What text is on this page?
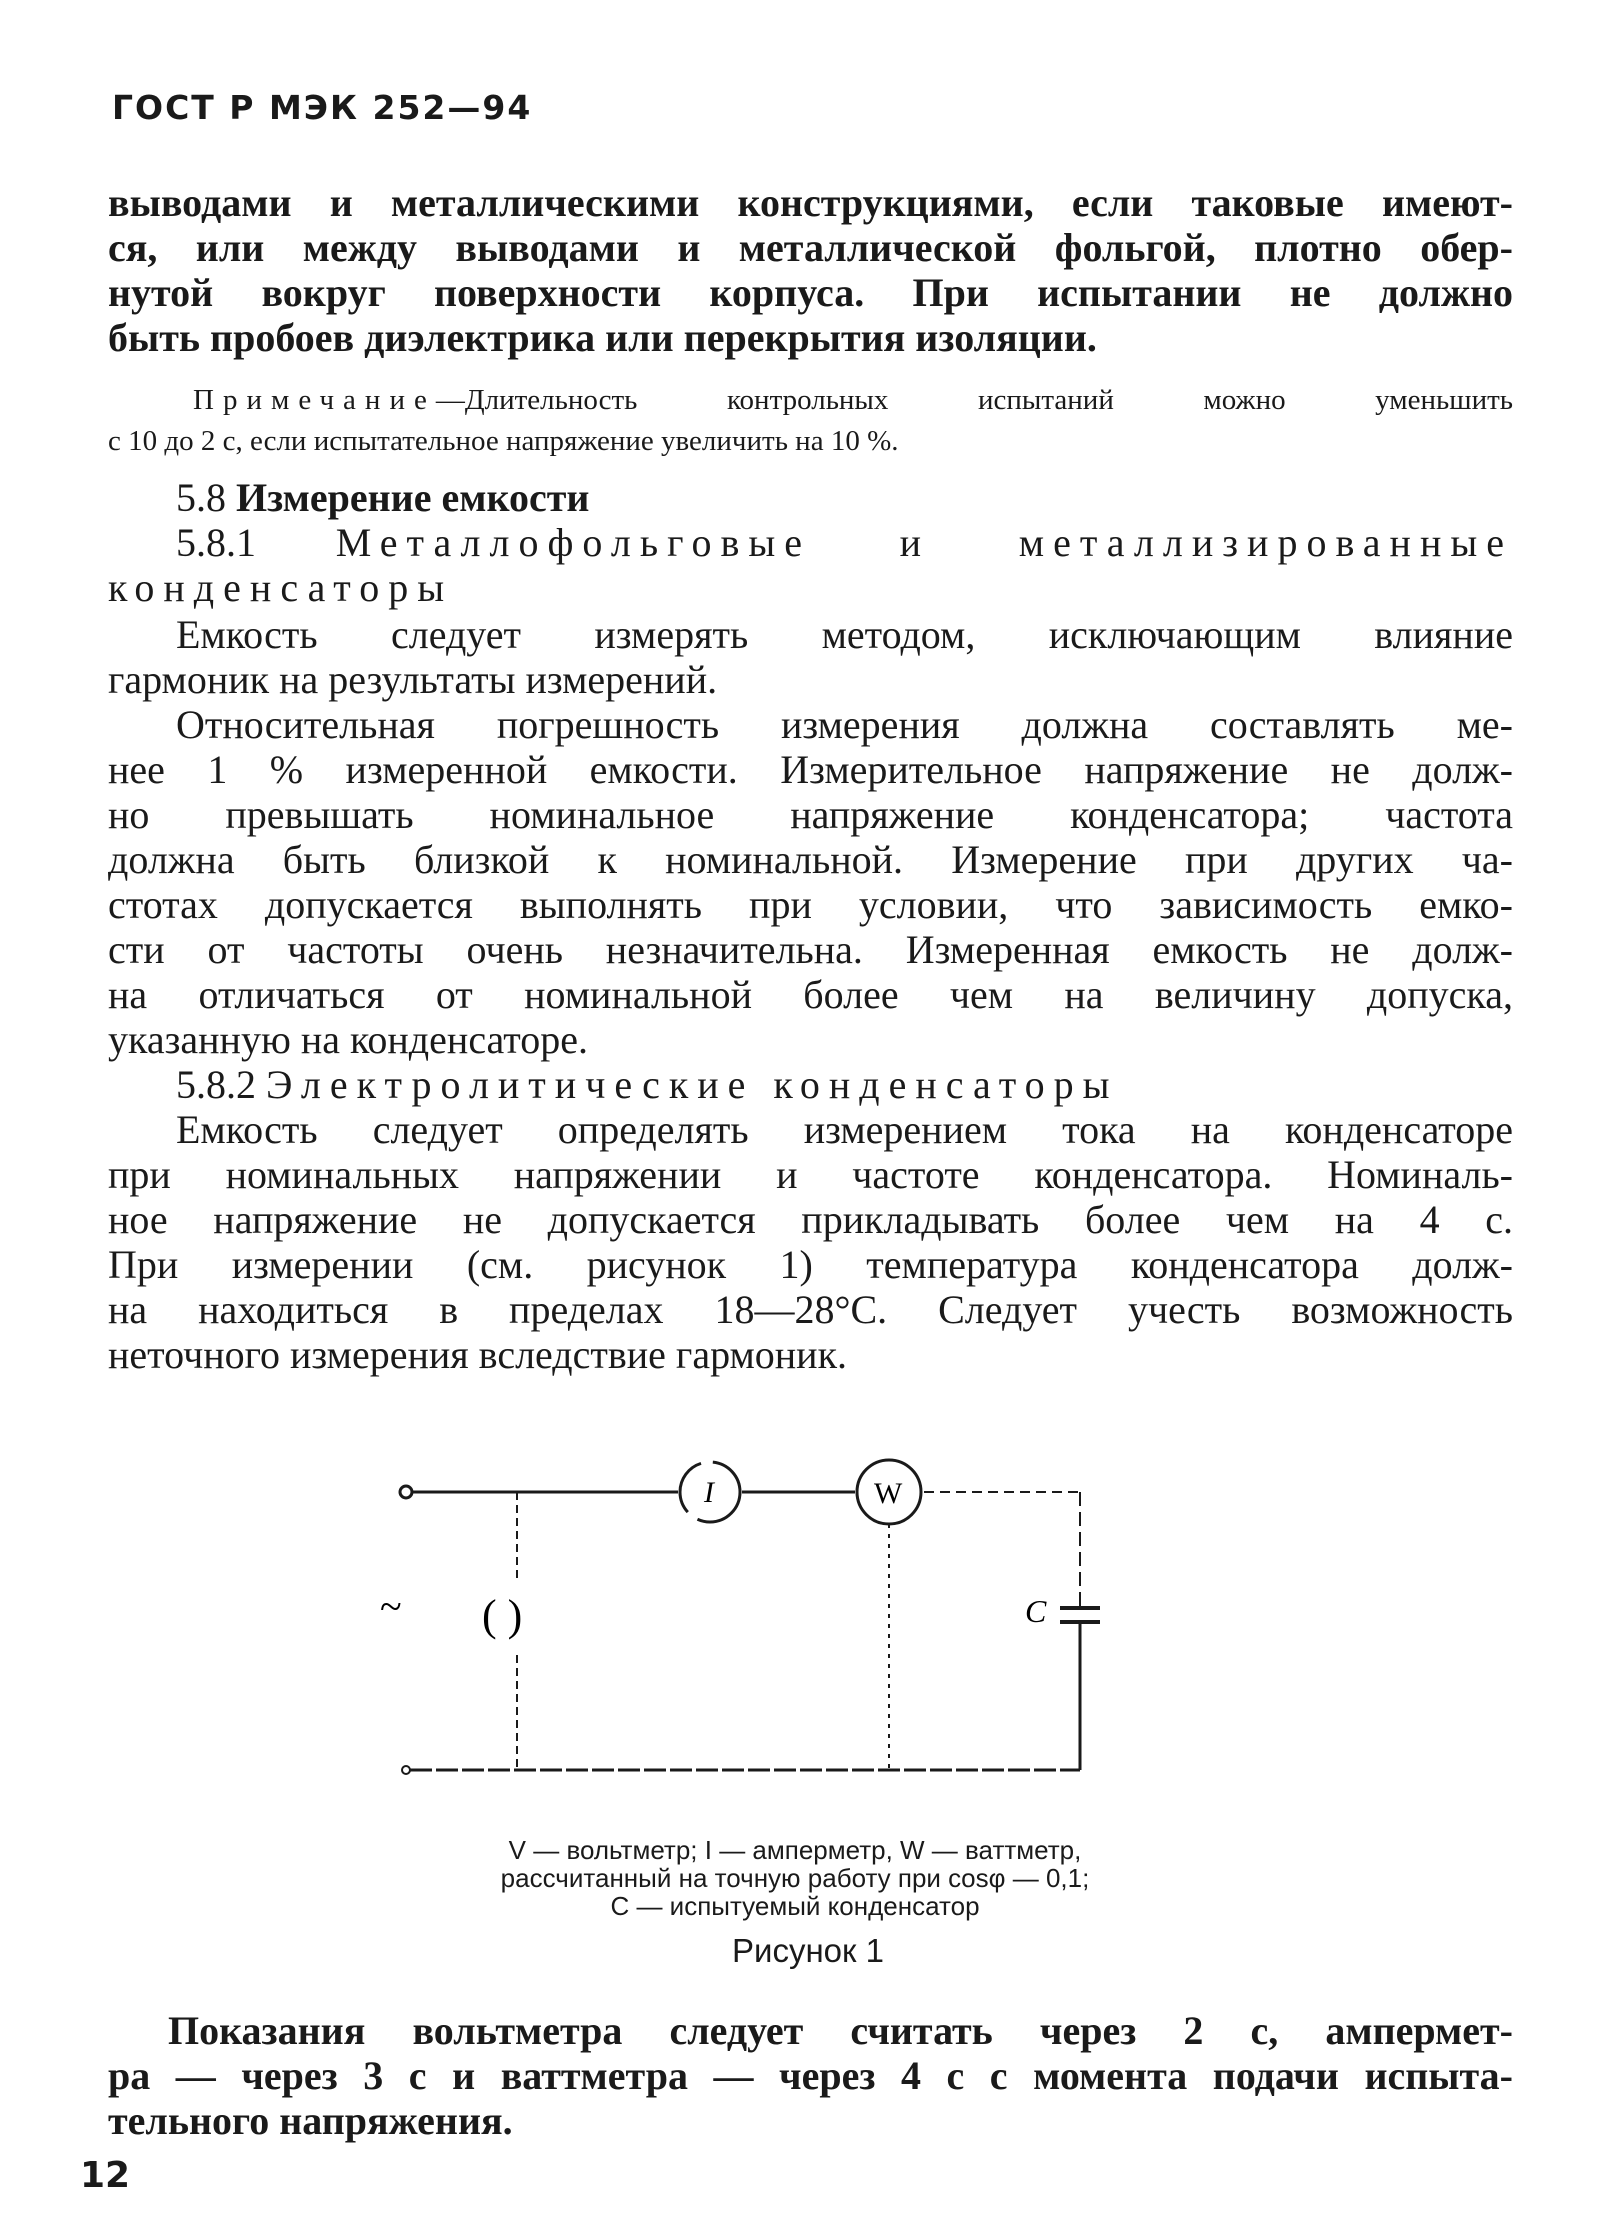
ГОСТ Р МЭК 252—94

выводами и металлическими конструкциями, если таковые имеют-
ся, или между выводами и металлической фольгой, плотно обер-
нутой вокруг поверхности корпуса. При испытании не должно
быть пробоев диэлектрика или перекрытия изоляции.

Примечание—Длительность контрольных испытаний можно уменьшить
с 10 до 2 с, если испытательное напряжение увеличить на 10 %.

5.8 Измерение емкости

5.8.1 Металлофольговые и металлизированные
конденсаторы

Емкость следует измерять методом, исключающим влияние
гармоник на результаты измерений.

Относительная погрешность измерения должна составлять ме-
нее 1 % измеренной емкости. Измерительное напряжение не долж-
но превышать номинальное напряжение конденсатора; частота
должна быть близкой к номинальной. Измерение при других ча-
стотах допускается выполнять при условии, что зависимость емко-
сти от частоты очень незначительна. Измеренная емкость не долж-
на отличаться от номинальной более чем на величину допуска,
указанную на конденсаторе.

5.8.2 Электролитические конденсаторы

Емкость следует определять измерением тока на конденсаторе
при номинальных напряжении и частоте конденсатора. Номиналь-
ное напряжение не допускается прикладывать более чем на 4 с.
При измерении (см. рисунок 1) температура конденсатора долж-
на находиться в пределах 18—28°С. Следует учесть возможность
неточного измерения вследствие гармоник.

I	W
( )
~	C
V — вольтметр; I — амперметр, W — ваттметр,
рассчитанный на точную работу при cosφ — 0,1;
C — испытуемый конденсатор
Рисунок 1

Показания вольтметра следует считать через 2 с, ампермет-
ра — через 3 с и ваттметра — через 4 с с момента подачи испыта-
тельного напряжения.

12
